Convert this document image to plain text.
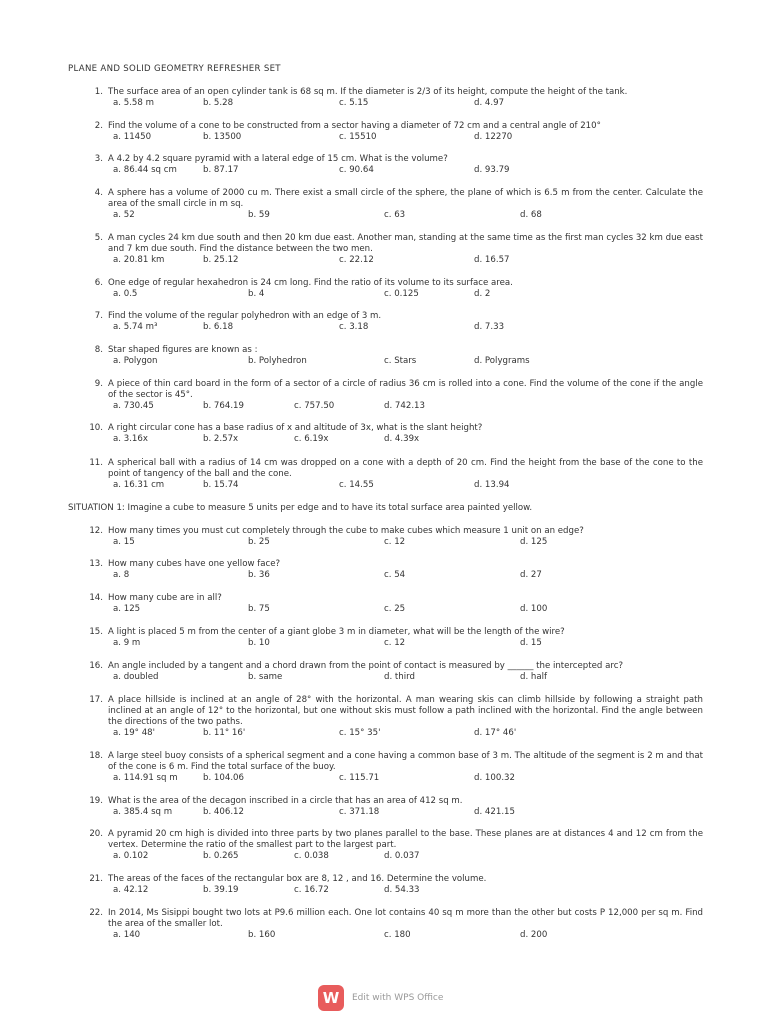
PLANE AND SOLID GEOMETRY REFRESHER SET
1. The surface area of an open cylinder tank is 68 sq m. If the diameter is 2/3 of its height, compute the height of the tank.
a. 5.58 m	b. 5.28	c. 5.15	d. 4.97
2. Find the volume of a cone to be constructed from a sector having a diameter of 72 cm and a central angle of 210°
a. 11450	b. 13500	c. 15510	d. 12270
3. A 4.2 by 4.2 square pyramid with a lateral edge of 15 cm. What is the volume?
a. 86.44 sq cm	b. 87.17	c. 90.64	d. 93.79
4. A sphere has a volume of 2000 cu m. There exist a small circle of the sphere, the plane of which is 6.5 m from the center. Calculate the area of the small circle in m sq.
a. 52	b. 59	c. 63	d. 68
5. A man cycles 24 km due south and then 20 km due east. Another man, standing at the same time as the first man cycles 32 km due east and 7 km due south. Find the distance between the two men.
a. 20.81 km	b. 25.12	c. 22.12	d. 16.57
6. One edge of regular hexahedron is 24 cm long. Find the ratio of its volume to its surface area.
a. 0.5	b. 4	c. 0.125	d. 2
7. Find the volume of the regular polyhedron with an edge of 3 m.
a. 5.74 m³	b. 6.18	c. 3.18	d. 7.33
8. Star shaped figures are known as :
a. Polygon	b. Polyhedron	c. Stars	d. Polygrams
9. A piece of thin card board in the form of a sector of a circle of radius 36 cm is rolled into a cone. Find the volume of the cone if the angle of the sector is 45°.
a. 730.45	b. 764.19	c. 757.50	d. 742.13
10. A right circular cone has a base radius of x and altitude of 3x, what is the slant height?
a. 3.16x	b. 2.57x	c. 6.19x	d. 4.39x
11. A spherical ball with a radius of 14 cm was dropped on a cone with a depth of 20 cm. Find the height from the base of the cone to the point of tangency of the ball and the cone.
a. 16.31 cm	b. 15.74	c. 14.55	d. 13.94
SITUATION 1: Imagine a cube to measure 5 units per edge and to have its total surface area painted yellow.
12. How many times you must cut completely through the cube to make cubes which measure 1 unit on an edge?
a. 15	b. 25	c. 12	d. 125
13. How many cubes have one yellow face?
a. 8	b. 36	c. 54	d. 27
14. How many cube are in all?
a. 125	b. 75	c. 25	d. 100
15. A light is placed 5 m from the center of a giant globe 3 m in diameter, what will be the length of the wire?
a. 9 m	b. 10	c. 12	d. 15
16. An angle included by a tangent and a chord drawn from the point of contact is measured by ______ the intercepted arc?
a. doubled	b. same	d. third	d. half
17. A place hillside is inclined at an angle of 28° with the horizontal. A man wearing skis can climb hillside by following a straight path inclined at an angle of 12° to the horizontal, but one without skis must follow a path inclined with the horizontal. Find the angle between the directions of the two paths.
a. 19° 48'	b. 11° 16'	c. 15° 35'	d. 17° 46'
18. A large steel buoy consists of a spherical segment and a cone having a common base of 3 m. The altitude of the segment is 2 m and that of the cone is 6 m. Find the total surface of the buoy.
a. 114.91 sq m	b. 104.06	c. 115.71	d. 100.32
19. What is the area of the decagon inscribed in a circle that has an area of 412 sq m.
a. 385.4 sq m	b. 406.12	c. 371.18	d. 421.15
20. A pyramid 20 cm high is divided into three parts by two planes parallel to the base. These planes are at distances 4 and 12 cm from the vertex. Determine the ratio of the smallest part to the largest part.
a. 0.102	b. 0.265	c. 0.038	d. 0.037
21. The areas of the faces of the rectangular box are 8, 12 , and 16. Determine the volume.
a. 42.12	b. 39.19	c. 16.72	d. 54.33
22. In 2014, Ms Sisippi bought two lots at P9.6 million each. One lot contains 40 sq m more than the other but costs P 12,000 per sq m. Find the area of the smaller lot.
a. 140	b. 160	c. 180	d. 200
W	Edit with WPS Office
